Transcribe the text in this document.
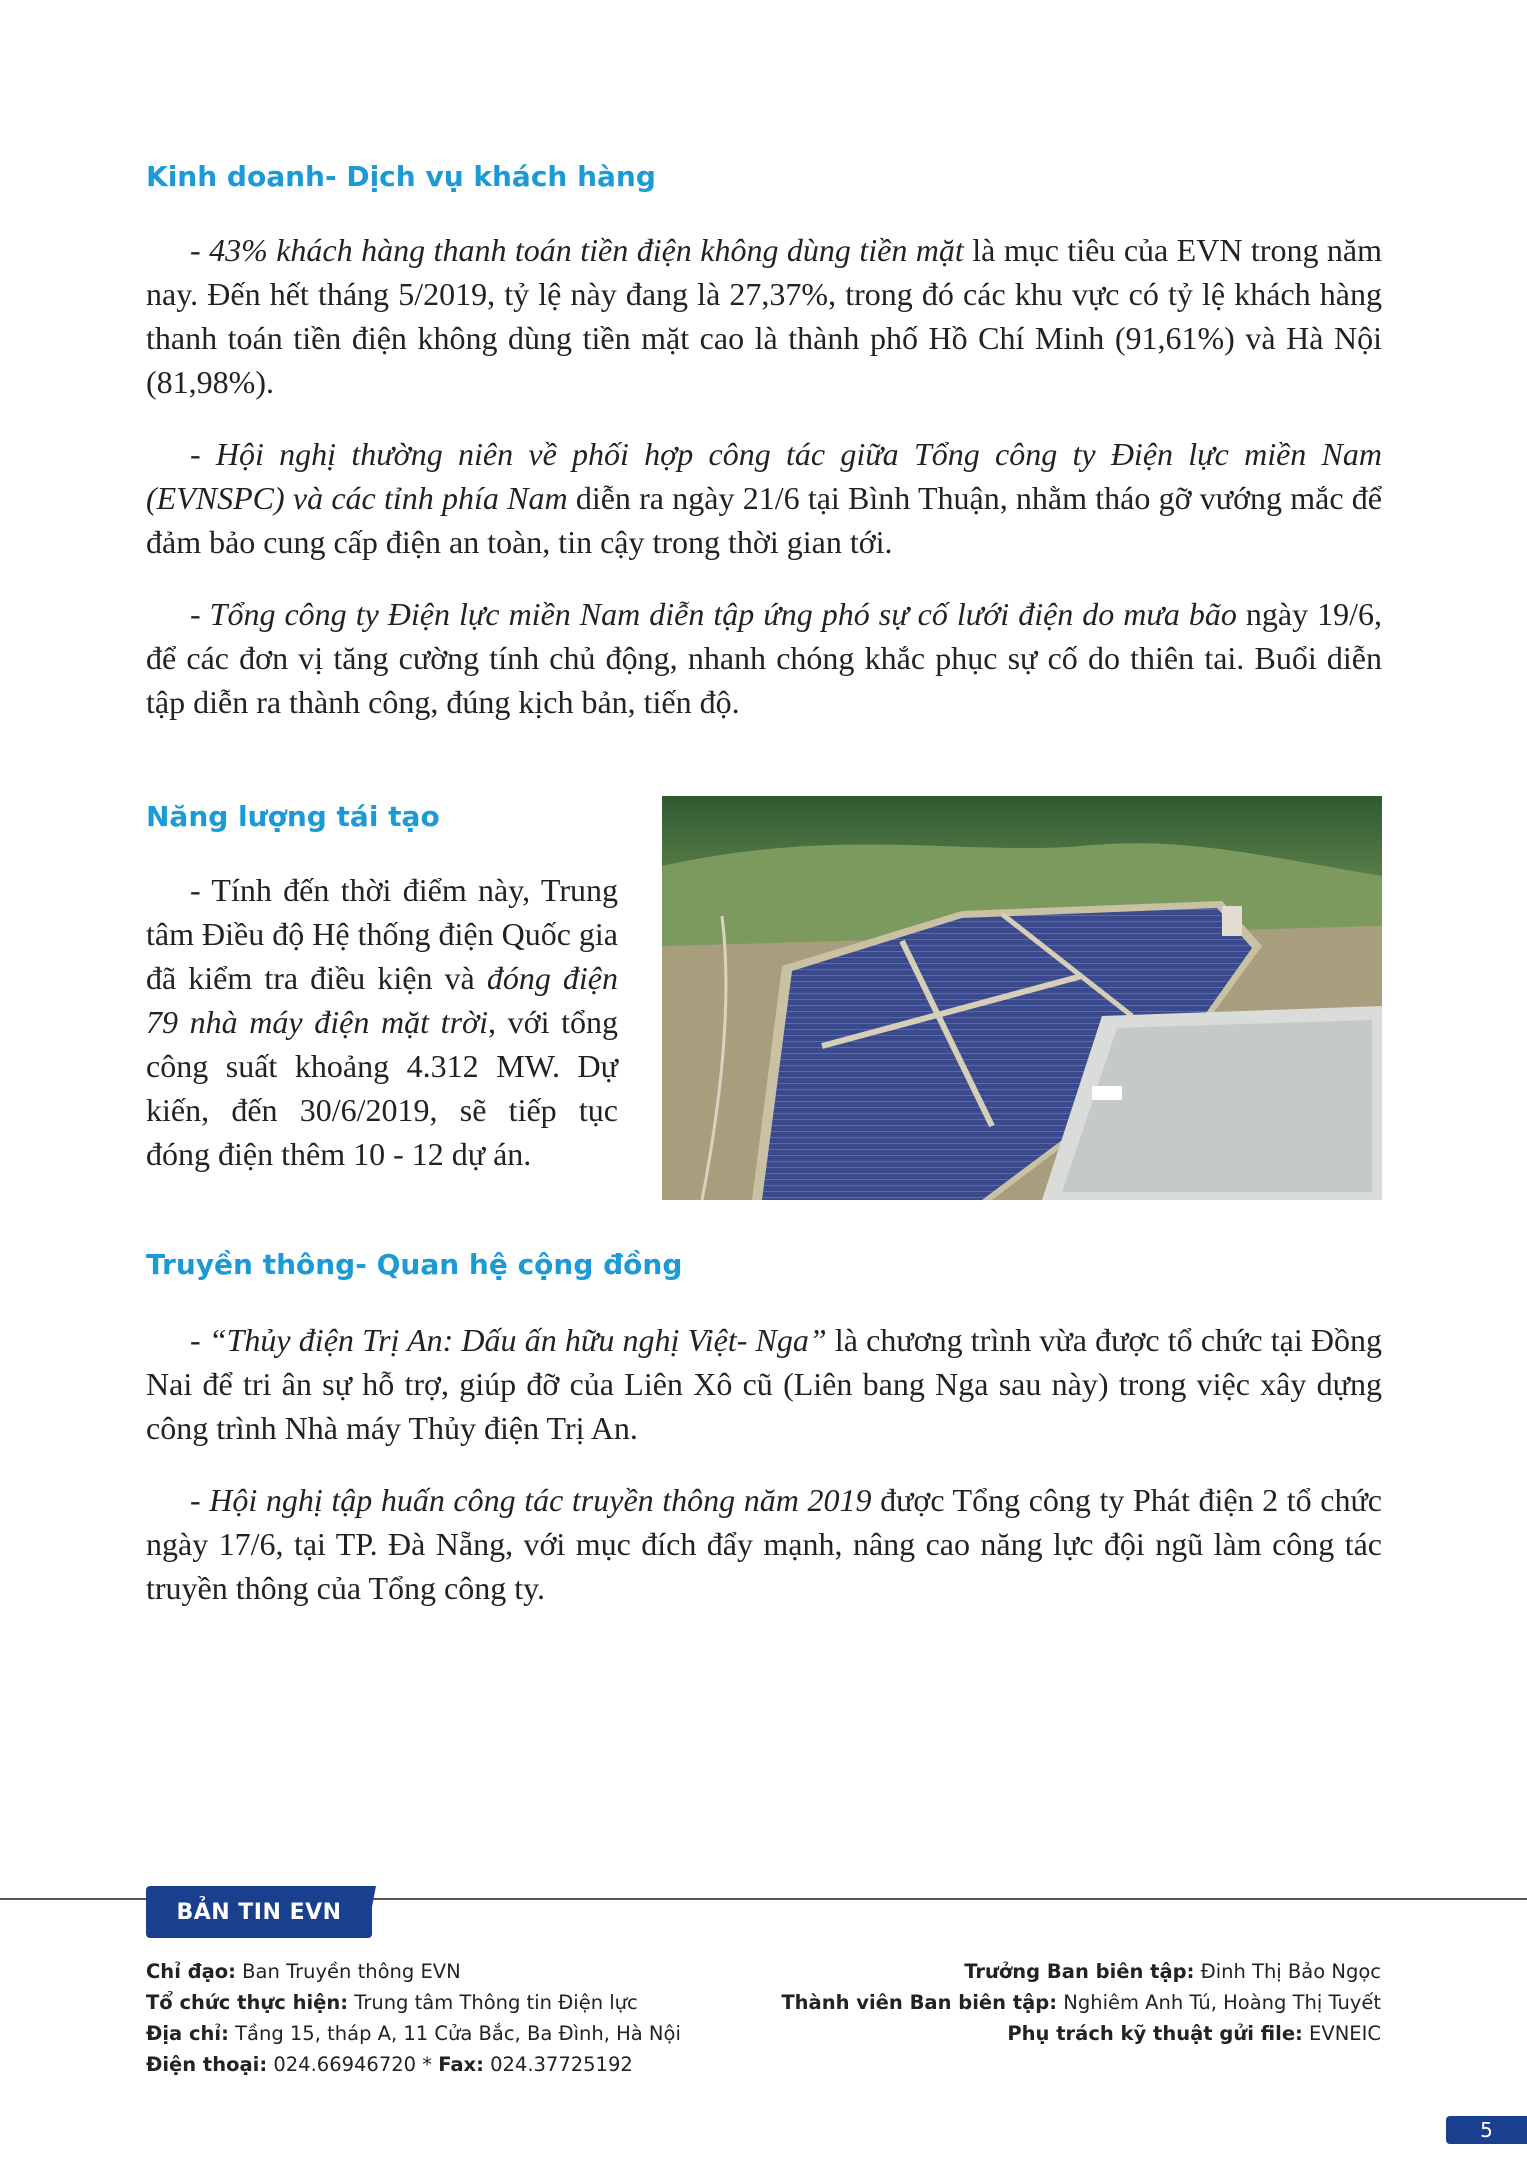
Kinh doanh- Dịch vụ khách hàng

- 43% khách hàng thanh toán tiền điện không dùng tiền mặt là mục tiêu của EVN trong năm nay. Đến hết tháng 5/2019, tỷ lệ này đang là 27,37%, trong đó các khu vực có tỷ lệ khách hàng thanh toán tiền điện không dùng tiền mặt cao là thành phố Hồ Chí Minh (91,61%) và Hà Nội (81,98%).

- Hội nghị thường niên về phối hợp công tác giữa Tổng công ty Điện lực miền Nam (EVNSPC) và các tỉnh phía Nam diễn ra ngày 21/6 tại Bình Thuận, nhằm tháo gỡ vướng mắc để đảm bảo cung cấp điện an toàn, tin cậy trong thời gian tới.

- Tổng công ty Điện lực miền Nam diễn tập ứng phó sự cố lưới điện do mưa bão ngày 19/6, để các đơn vị tăng cường tính chủ động, nhanh chóng khắc phục sự cố do thiên tai. Buổi diễn tập diễn ra thành công, đúng kịch bản, tiến độ.

Năng lượng tái tạo

- Tính đến thời điểm này, Trung tâm Điều độ Hệ thống điện Quốc gia đã kiểm tra điều kiện và đóng điện 79 nhà máy điện mặt trời, với tổng công suất khoảng 4.312 MW. Dự kiến, đến 30/6/2019, sẽ tiếp tục đóng điện thêm 10 - 12 dự án.

Truyền thông- Quan hệ cộng đồng

- “Thủy điện Trị An: Dấu ấn hữu nghị Việt- Nga” là chương trình vừa được tổ chức tại Đồng Nai để tri ân sự hỗ trợ, giúp đỡ của Liên Xô cũ (Liên bang Nga sau này) trong việc xây dựng công trình Nhà máy Thủy điện Trị An.

- Hội nghị tập huấn công tác truyền thông năm 2019 được Tổng công ty Phát điện 2 tổ chức ngày 17/6, tại TP. Đà Nẵng, với mục đích đẩy mạnh, nâng cao năng lực đội ngũ làm công tác truyền thông của Tổng công ty.

BẢN TIN EVN
Chỉ đạo: Ban Truyền thông EVN
Tổ chức thực hiện: Trung tâm Thông tin Điện lực
Địa chỉ: Tầng 15, tháp A, 11 Cửa Bắc, Ba Đình, Hà Nội
Điện thoại: 024.66946720 * Fax: 024.37725192
Trưởng Ban biên tập: Đinh Thị Bảo Ngọc
Thành viên Ban biên tập: Nghiêm Anh Tú, Hoàng Thị Tuyết
Phụ trách kỹ thuật gửi file: EVNEIC
5
